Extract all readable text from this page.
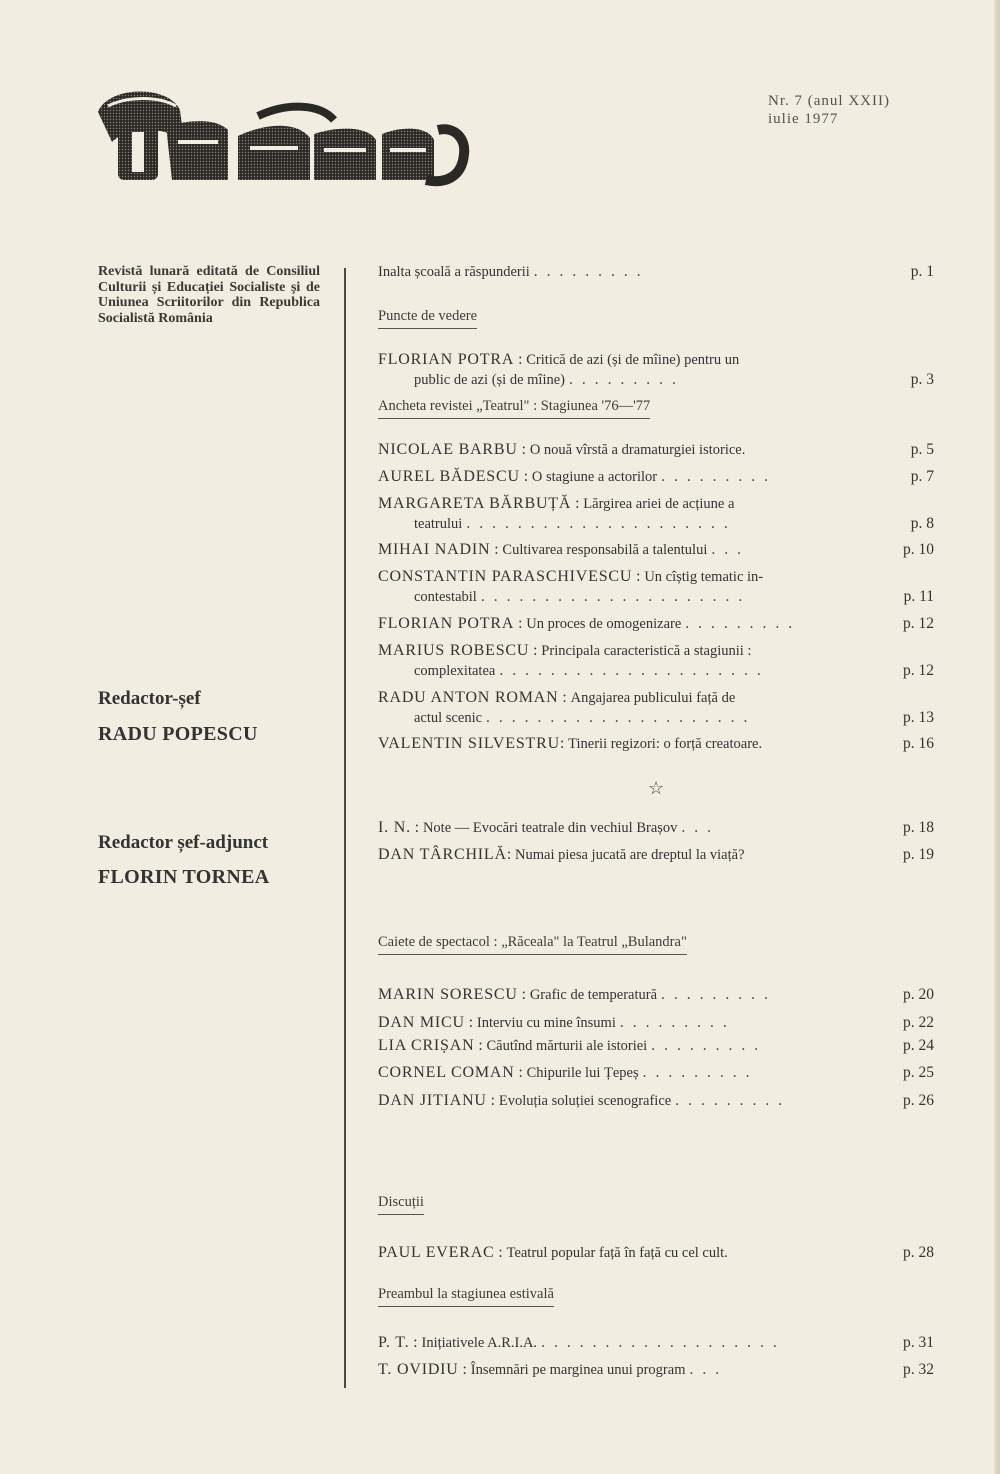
Nr. 7 (anul XXII)
iulie 1977
Revistă lunară editată de Consiliul Culturii și Educației Socialiste și de Uniunea Scriitorilor din Republica Socialistă România
Redactor-șef
RADU POPESCU
Redactor șef-adjunct
FLORIN TORNEA
Inalta școală a răspunderii .........	p. 1
Puncte de vedere
FLORIAN POTRA : Critică de azi (și de mîine) pentru un
public de azi (și de mîine) .........	p. 3
Ancheta revistei „Teatrul" : Stagiunea '76—'77
NICOLAE BARBU : O nouă vîrstă a dramaturgiei istorice.	p. 5
AUREL BĂDESCU : O stagiune a actorilor .........	p. 7
MARGARETA BĂRBUȚĂ : Lărgirea ariei de acțiune a
teatrului .....................	p. 8
MIHAI NADIN : Cultivarea responsabilă a talentului ...	p. 10
CONSTANTIN PARASCHIVESCU : Un cîștig tematic in-
contestabil .....................	p. 11
FLORIAN POTRA : Un proces de omogenizare .........	p. 12
MARIUS ROBESCU : Principala caracteristică a stagiunii :
complexitatea .....................	p. 12
RADU ANTON ROMAN : Angajarea publicului față de
actul scenic .....................	p. 13
VALENTIN SILVESTRU : Tinerii regizori: o forță creatoare.	p. 16
☆
I. N. : Note — Evocări teatrale din vechiul Brașov ...	p. 18
DAN TÂRCHILĂ : Numai piesa jucată are dreptul la viață?	p. 19
Caiete de spectacol : „Răceala" la Teatrul „Bulandra"
MARIN SORESCU : Grafic de temperatură .........	p. 20
DAN MICU : Interviu cu mine însumi .........	p. 22
LIA CRIȘAN : Căutînd mărturii ale istoriei .........	p. 24
CORNEL COMAN : Chipurile lui Țepeș .........	p. 25
DAN JITIANU : Evoluția soluției scenografice .........	p. 26
Discuții
PAUL EVERAC : Teatrul popular față în față cu cel cult.	p. 28
Preambul la stagiunea estivală
P. T. : Inițiativele A.R.I.A. ...................	p. 31
T. OVIDIU : Însemnări pe marginea unui program ...	p. 32
